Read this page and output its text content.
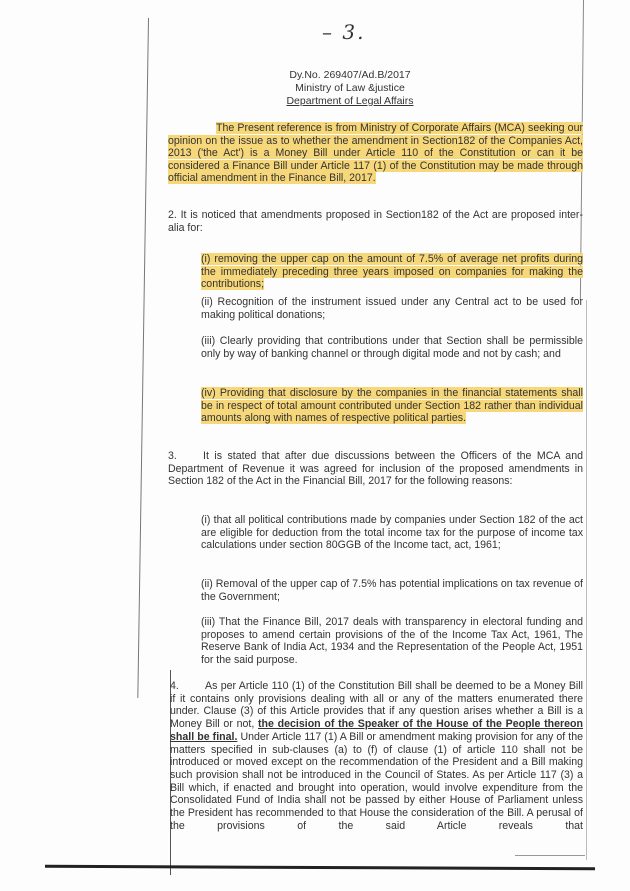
– 3.
Dy.No. 269407/Ad.B/2017
Ministry of Law &justice
Department of Legal Affairs
The Present reference is from Ministry of Corporate Affairs (MCA) seeking our opinion on the issue as to whether the amendment in Section182 of the Companies Act, 2013 ('the Act') is a Money Bill under Article 110 of the Constitution or can it be considered a Finance Bill under Article 117 (1) of the Constitution may be made through official amendment in the Finance Bill, 2017.
2. It is noticed that amendments proposed in Section182 of the Act are proposed inter-alia for:
(i) removing the upper cap on the amount of 7.5% of average net profits during the immediately preceding three years imposed on companies for making the contributions;
(ii) Recognition of the instrument issued under any Central act to be used for making political donations;
(iii) Clearly providing that contributions under that Section shall be permissible only by way of banking channel or through digital mode and not by cash; and
(iv) Providing that disclosure by the companies in the financial statements shall be in respect of total amount contributed under Section 182 rather than individual amounts along with names of respective political parties.
3. It is stated that after due discussions between the Officers of the MCA and Department of Revenue it was agreed for inclusion of the proposed amendments in Section 182 of the Act in the Financial Bill, 2017 for the following reasons:
(i) that all political contributions made by companies under Section 182 of the act are eligible for deduction from the total income tax for the purpose of income tax calculations under section 80GGB of the Income tact, act, 1961;
(ii) Removal of the upper cap of 7.5% has potential implications on tax revenue of the Government;
(iii) That the Finance Bill, 2017 deals with transparency in electoral funding and proposes to amend certain provisions of the of the Income Tax Act, 1961, The Reserve Bank of India Act, 1934 and the Representation of the People Act, 1951 for the said purpose.
4. As per Article 110 (1) of the Constitution Bill shall be deemed to be a Money Bill if it contains only provisions dealing with all or any of the matters enumerated there under. Clause (3) of this Article provides that if any question arises whether a Bill is a Money Bill or not, the decision of the Speaker of the House of the People thereon shall be final. Under Article 117 (1) A Bill or amendment making provision for any of the matters specified in sub-clauses (a) to (f) of clause (1) of article 110 shall not be introduced or moved except on the recommendation of the President and a Bill making such provision shall not be introduced in the Council of States. As per Article 117 (3) a Bill which, if enacted and brought into operation, would involve expenditure from the Consolidated Fund of India shall not be passed by either House of Parliament unless the President has recommended to that House the consideration of the Bill. A perusal of the provisions of the said Article reveals that
